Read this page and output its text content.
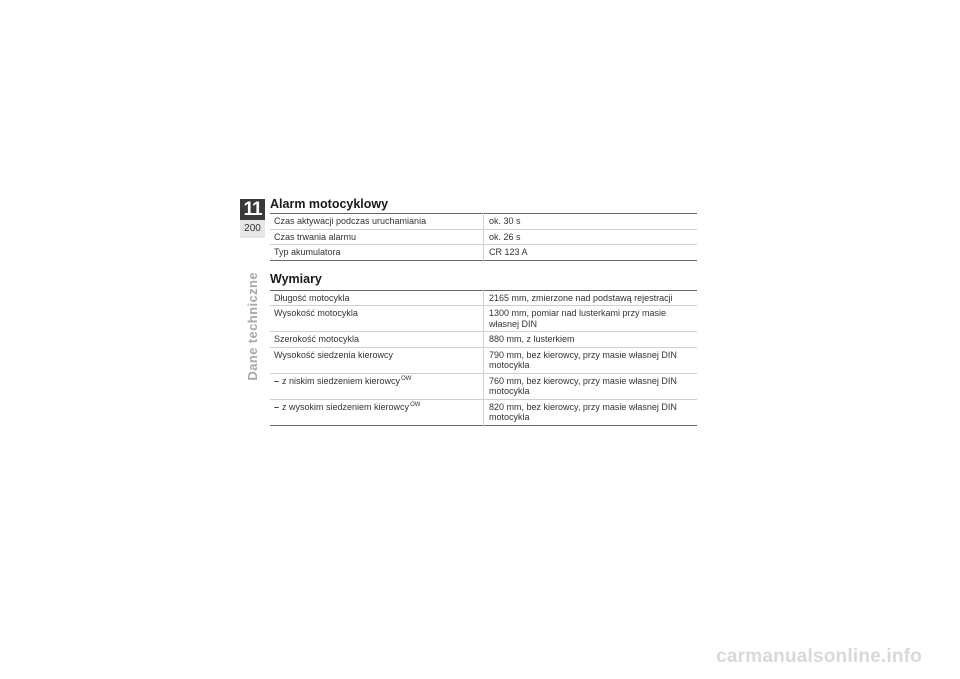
11
200
Dane techniczne
Alarm motocyklowy
Czas aktywacji podczas uruchamiania	ok. 30 s
Czas trwania alarmu	ok. 26 s
Typ akumulatora	CR 123 A
Wymiary
Długość motocykla	2165 mm, zmierzone nad podstawą rejestracji
Wysokość motocykla	1300 mm, pomiar nad lusterkami przy masie własnej DIN
Szerokość motocykla	880 mm, z lusterkiem
Wysokość siedzenia kierowcy	790 mm, bez kierowcy, przy masie własnej DIN motocykla
– z niskim siedzeniem kierowcy$^{OW}$	760 mm, bez kierowcy, przy masie własnej DIN motocykla
– z wysokim siedzeniem kierowcy$^{OW}$	820 mm, bez kierowcy, przy masie własnej DIN motocykla
carmanualsonline.info
